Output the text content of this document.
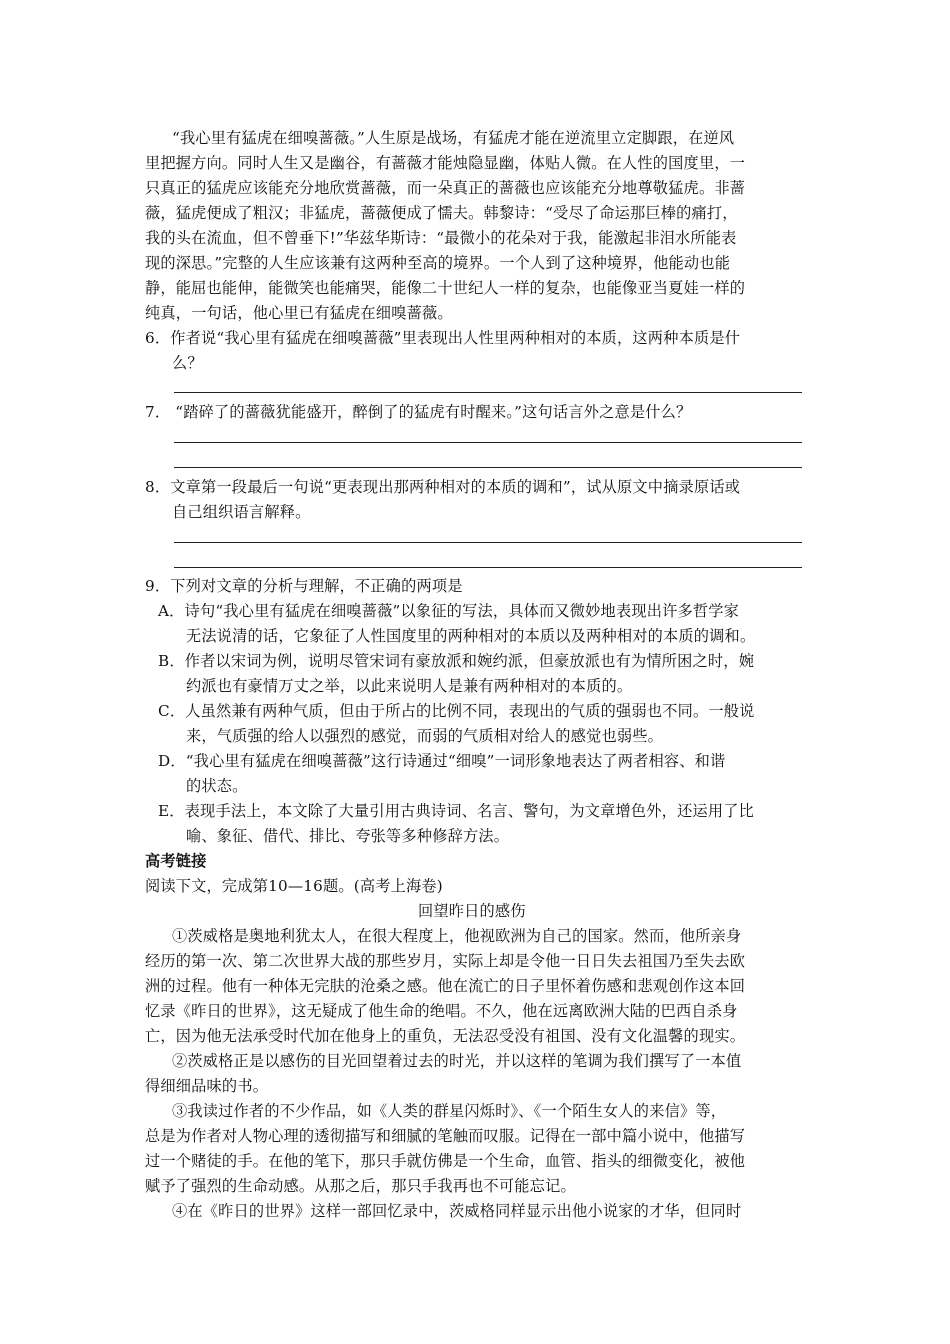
“我心里有猛虎在细嗅蔷薇。”人生原是战场，有猛虎才能在逆流里立定脚跟，在逆风
里把握方向。同时人生又是幽谷，有蔷薇才能烛隐显幽，体贴人微。在人性的国度里，一
只真正的猛虎应该能充分地欣赏蔷薇，而一朵真正的蔷薇也应该能充分地尊敬猛虎。非蔷
薇，猛虎便成了粗汉；非猛虎，蔷薇便成了懦夫。韩黎诗：“受尽了命运那巨棒的痛打，
我的头在流血，但不曾垂下!”华兹华斯诗：“最微小的花朵对于我，能激起非泪水所能表
现的深思。”完整的人生应该兼有这两种至高的境界。一个人到了这种境界，他能动也能
静，能屈也能伸，能微笑也能痛哭，能像二十世纪人一样的复杂，也能像亚当夏娃一样的
纯真，一句话，他心里已有猛虎在细嗅蔷薇。
6．作者说“我心里有猛虎在细嗅蔷薇”里表现出人性里两种相对的本质，这两种本质是什
么？
7． “踏碎了的蔷薇犹能盛开，醉倒了的猛虎有时醒来。”这句话言外之意是什么？
8．文章第一段最后一句说“更表现出那两种相对的本质的调和”，试从原文中摘录原话或
自己组织语言解释。
9．下列对文章的分析与理解，不正确的两项是
A．诗句“我心里有猛虎在细嗅蔷薇”以象征的写法，具体而又微妙地表现出许多哲学家
无法说清的话，它象征了人性国度里的两种相对的本质以及两种相对的本质的调和。
B．作者以宋词为例，说明尽管宋词有豪放派和婉约派，但豪放派也有为情所困之时，婉
约派也有豪情万丈之举，以此来说明人是兼有两种相对的本质的。
C．人虽然兼有两种气质，但由于所占的比例不同，表现出的气质的强弱也不同。一般说
来，气质强的给人以强烈的感觉，而弱的气质相对给人的感觉也弱些。
D．“我心里有猛虎在细嗅蔷薇”这行诗通过“细嗅”一词形象地表达了两者相容、和谐
的状态。
E．表现手法上，本文除了大量引用古典诗词、名言、警句，为文章增色外，还运用了比
喻、象征、借代、排比、夸张等多种修辞方法。
高考链接
阅读下文，完成第10—16题。(高考上海卷)
回望昨日的感伤
①茨威格是奥地利犹太人，在很大程度上，他视欧洲为自己的国家。然而，他所亲身
经历的第一次、第二次世界大战的那些岁月，实际上却是令他一日日失去祖国乃至失去欧
洲的过程。他有一种体无完肤的沧桑之感。他在流亡的日子里怀着伤感和悲观创作这本回
忆录《昨日的世界》，这无疑成了他生命的绝唱。不久，他在远离欧洲大陆的巴西自杀身
亡，因为他无法承受时代加在他身上的重负，无法忍受没有祖国、没有文化温馨的现实。
②茨威格正是以感伤的目光回望着过去的时光，并以这样的笔调为我们撰写了一本值
得细细品味的书。
③我读过作者的不少作品，如《人类的群星闪烁时》、《一个陌生女人的来信》等，
总是为作者对人物心理的透彻描写和细腻的笔触而叹服。记得在一部中篇小说中，他描写
过一个赌徒的手。在他的笔下，那只手就仿佛是一个生命，血管、指头的细微变化，被他
赋予了强烈的生命动感。从那之后，那只手我再也不可能忘记。
④在《昨日的世界》这样一部回忆录中，茨威格同样显示出他小说家的才华，但同时
